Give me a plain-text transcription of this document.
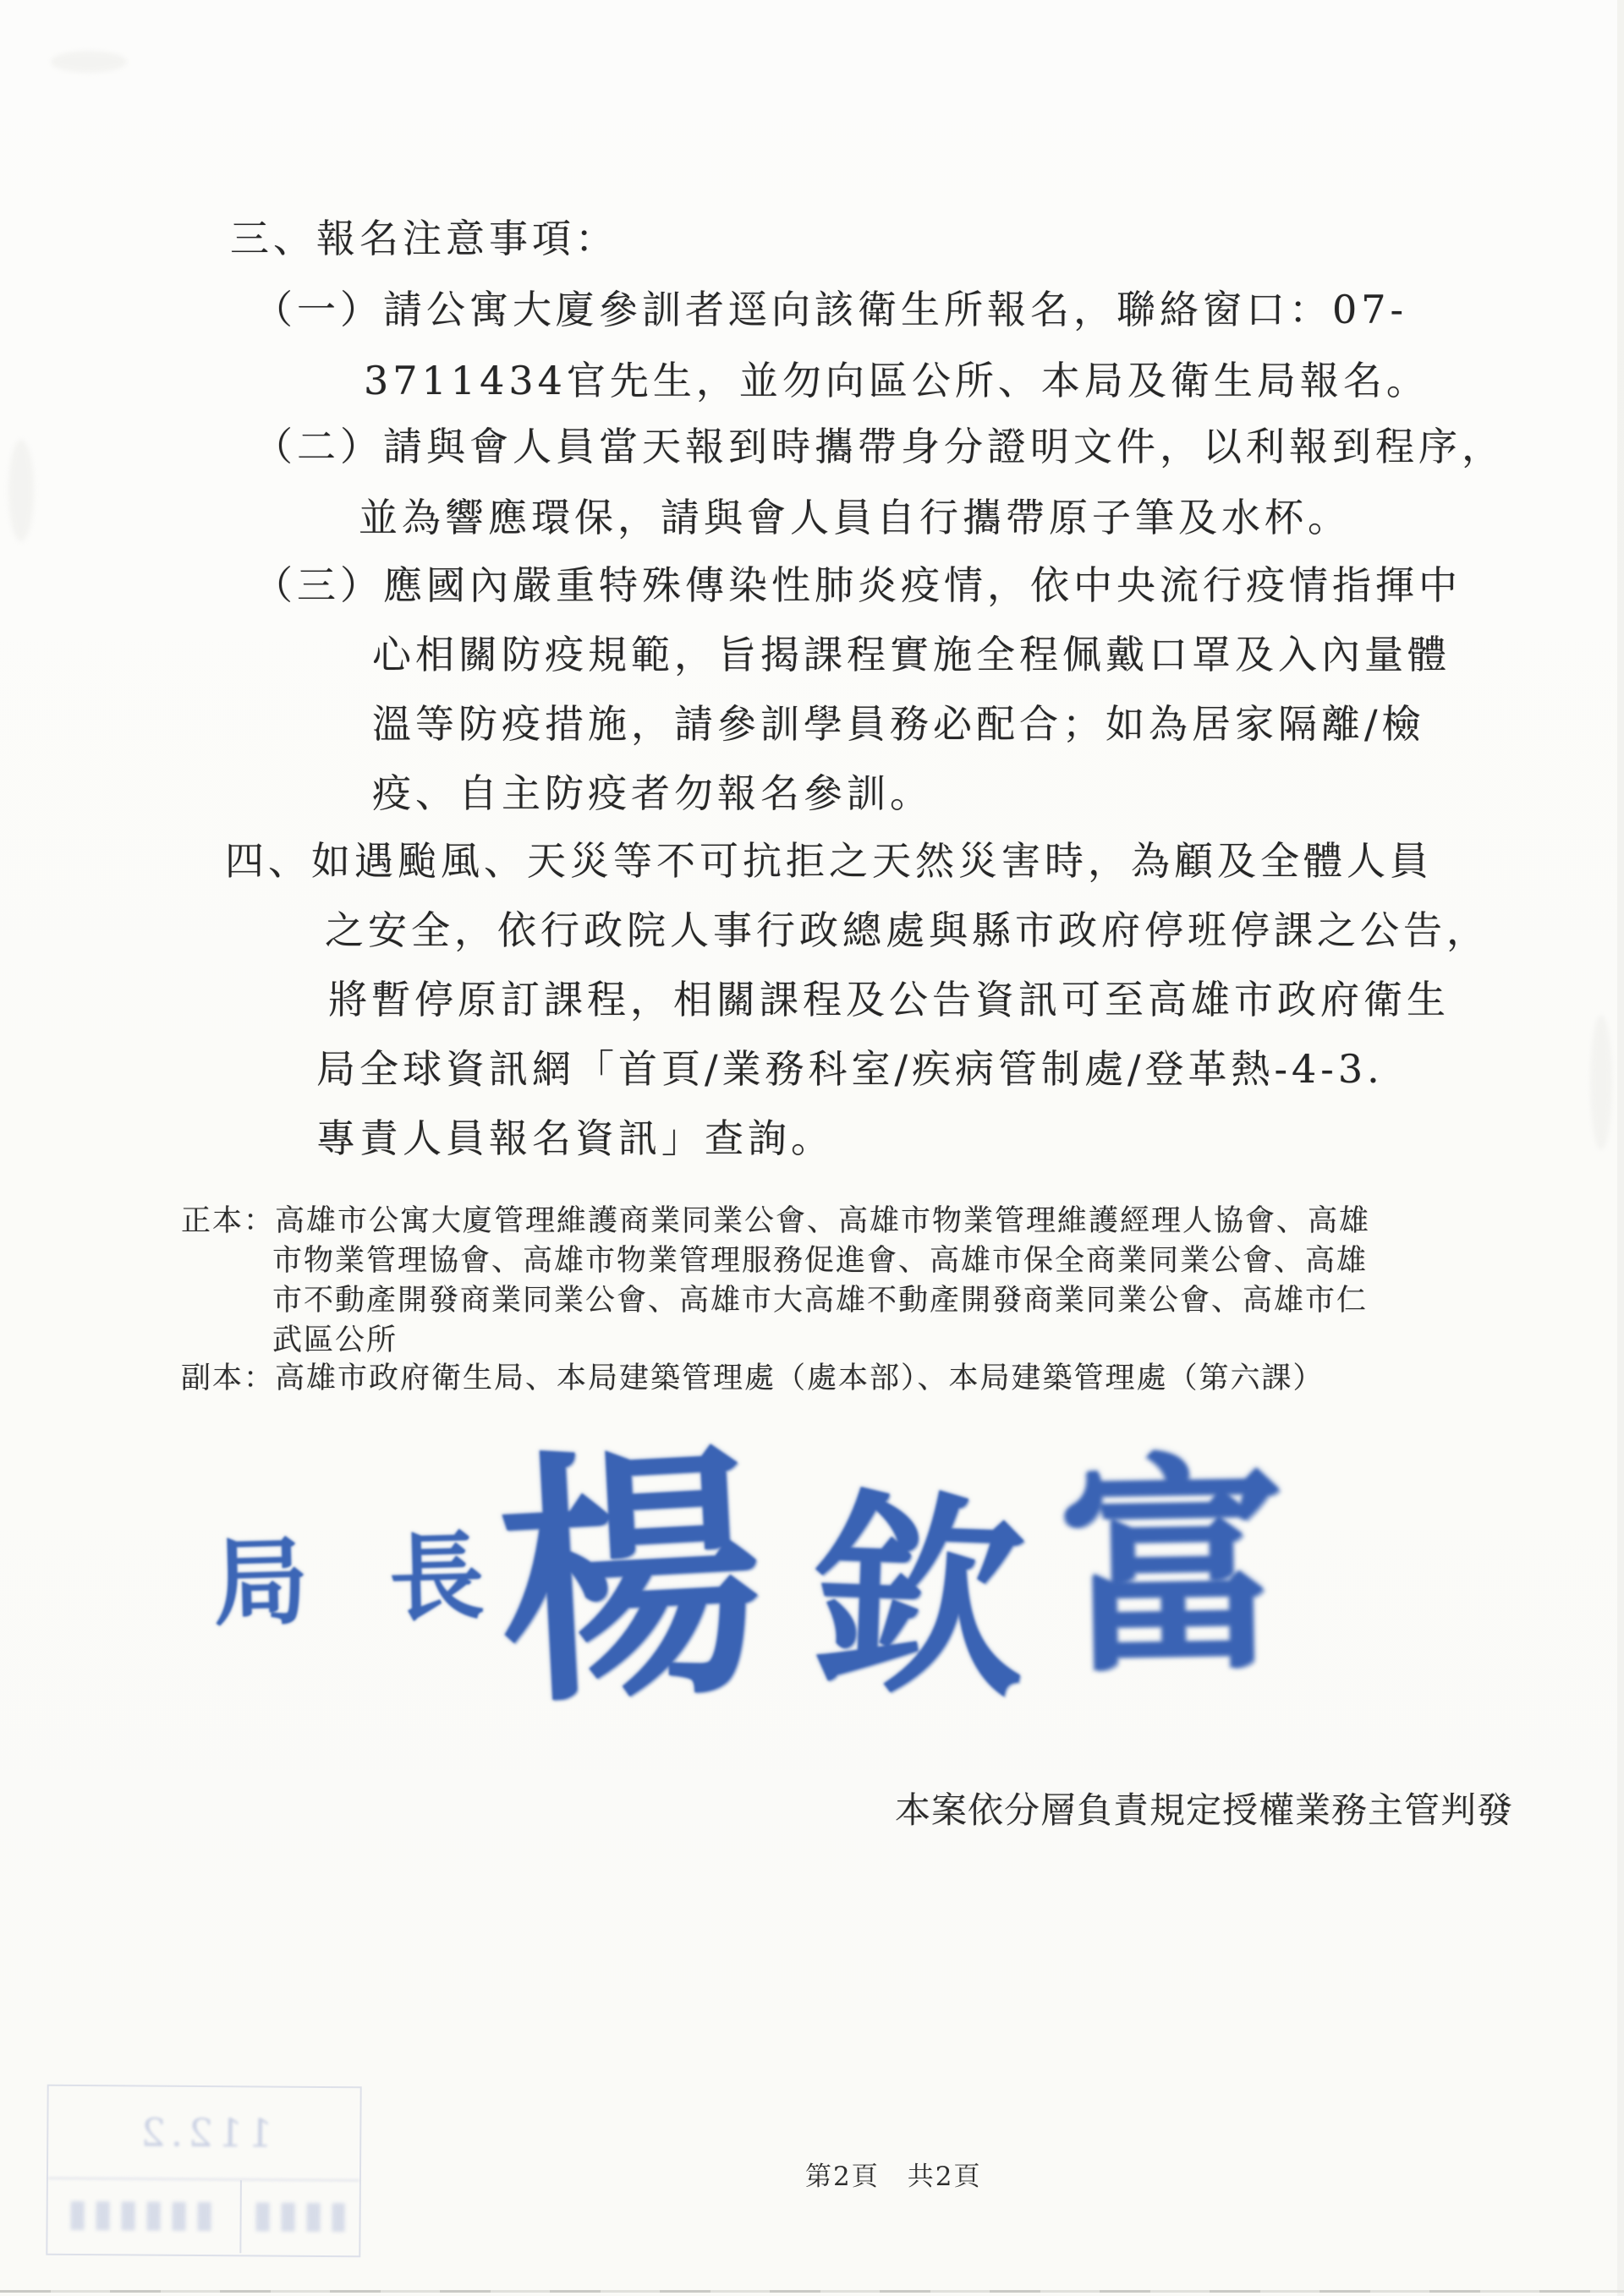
三、報名注意事項：
（一）請公寓大廈參訓者逕向該衛生所報名，聯絡窗口：07-
3711434官先生，並勿向區公所、本局及衛生局報名。
（二）請與會人員當天報到時攜帶身分證明文件，以利報到程序，
並為響應環保，請與會人員自行攜帶原子筆及水杯。
（三）應國內嚴重特殊傳染性肺炎疫情，依中央流行疫情指揮中
心相關防疫規範，旨揭課程實施全程佩戴口罩及入內量體
溫等防疫措施，請參訓學員務必配合；如為居家隔離/檢
疫、自主防疫者勿報名參訓。
四、如遇颱風、天災等不可抗拒之天然災害時，為顧及全體人員
之安全，依行政院人事行政總處與縣市政府停班停課之公告，
將暫停原訂課程，相關課程及公告資訊可至高雄市政府衛生
局全球資訊網「首頁/業務科室/疾病管制處/登革熱-4-3.
專責人員報名資訊」查詢。
正本：高雄市公寓大廈管理維護商業同業公會、高雄市物業管理維護經理人協會、高雄
市物業管理協會、高雄市物業管理服務促進會、高雄市保全商業同業公會、高雄
市不動產開發商業同業公會、高雄市大高雄不動產開發商業同業公會、高雄市仁
武區公所
副本：高雄市政府衛生局、本局建築管理處（處本部）、本局建築管理處（第六課）
局長
楊 欽 富
本案依分層負責規定授權業務主管判發
112.2
第2頁　共2頁
